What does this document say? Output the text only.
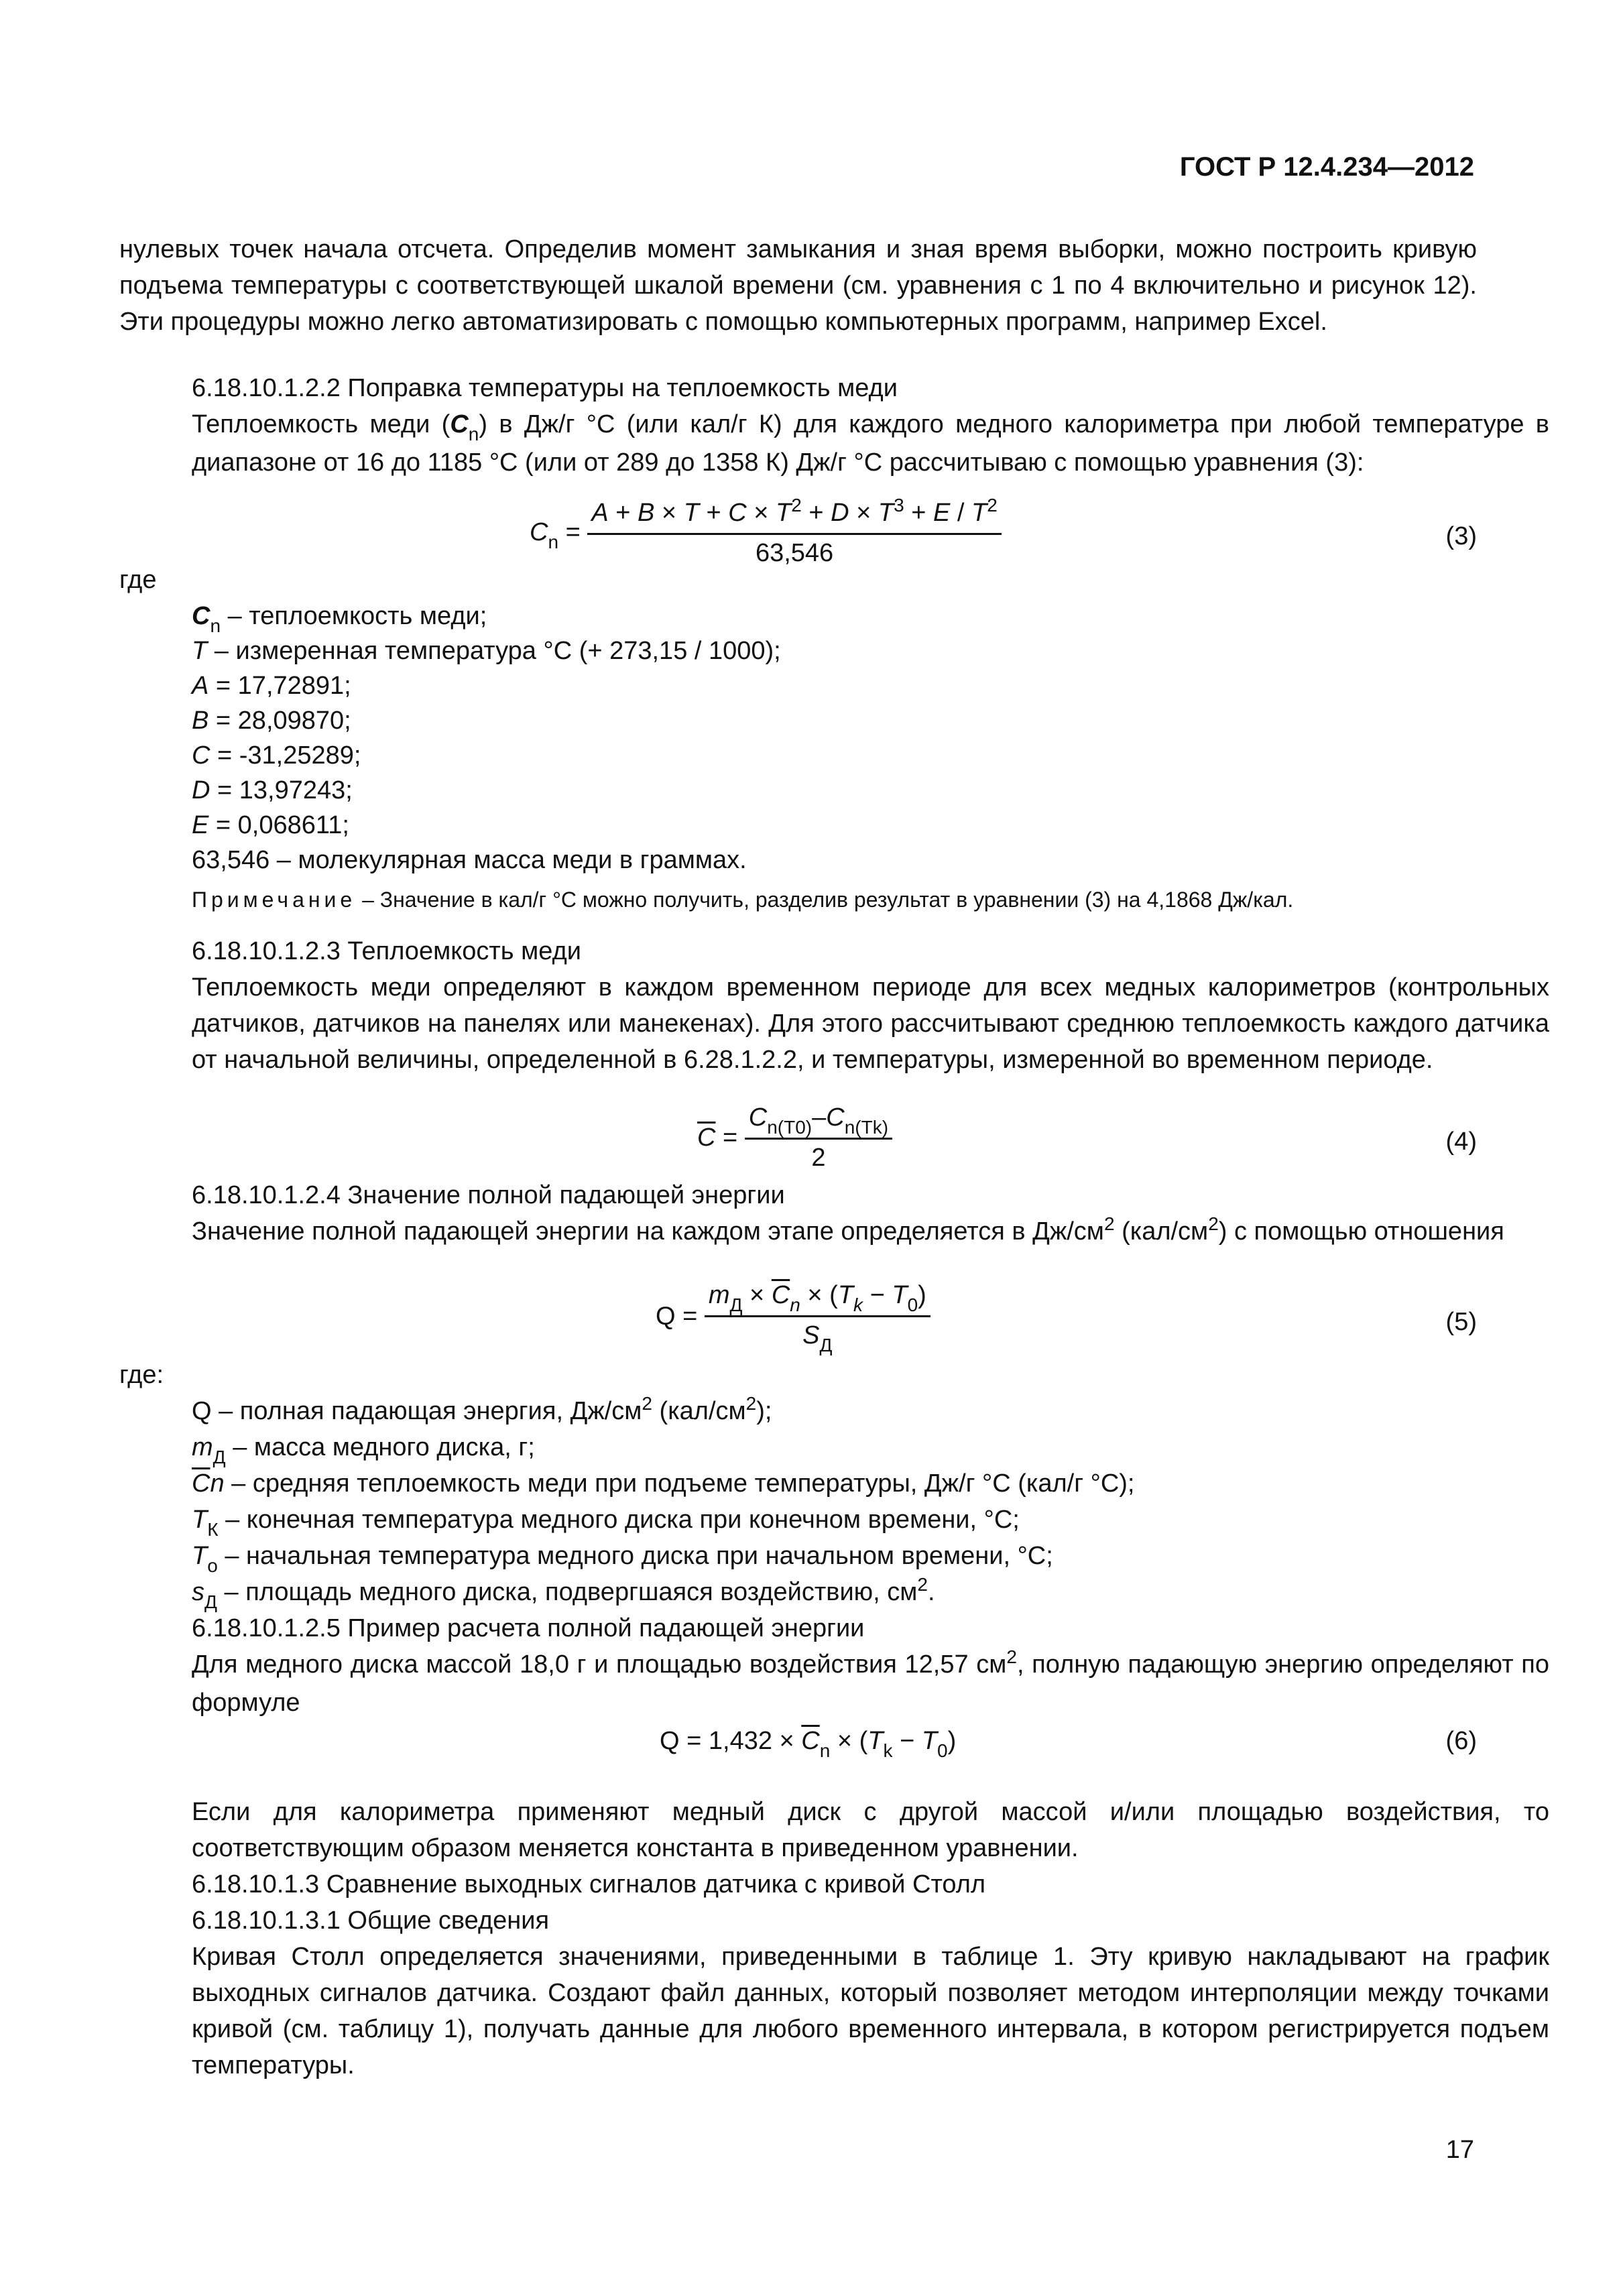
ГОСТ Р 12.4.234—2012
нулевых точек начала отсчета. Определив момент замыкания и зная время выборки, можно построить кривую подъема температуры с соответствующей шкалой времени (см. уравнения с 1 по 4 включительно и рисунок 12). Эти процедуры можно легко автоматизировать с помощью компьютерных программ, например Excel.
6.18.10.1.2.2 Поправка температуры на теплоемкость меди
Теплоемкость меди $(C_n)$ в Дж/г °С (или кал/г К) для каждого медного калориметра при любой температуре в диапазоне от 16 до 1185 °С (или от 289 до 1358 К) Дж/г °С рассчитываю с помощью уравнения (3):
$C_n = \frac{A + B \times T + C \times T^2 + D \times T^3 + E / T^2}{63,546}$	(3)
где
$C_n$ – теплоемкость меди;
T – измеренная температура °С (+ 273,15 / 1000);
A = 17,72891;
B = 28,09870;
C = -31,25289;
D = 13,97243;
E = 0,068611;
63,546 – молекулярная масса меди в граммах.
Примечание – Значение в кал/г °С можно получить, разделив результат в уравнении (3) на 4,1868 Дж/кал.
6.18.10.1.2.3 Теплоемкость меди
Теплоемкость меди определяют в каждом временном периоде для всех медных калориметров (контрольных датчиков, датчиков на панелях или манекенах). Для этого рассчитывают среднюю теплоемкость каждого датчика от начальной величины, определенной в 6.28.1.2.2, и температуры, измеренной во временном периоде.
$\overline{C} = \frac{C_{n(T0)}-C_{n(Tk)}}{2}$	(4)
6.18.10.1.2.4 Значение полной падающей энергии
Значение полной падающей энергии на каждом этапе определяется в $Дж/см^2$ $(кал/см^2)$ с помощью отношения
$Q = \frac{m_Д \times \overline{C}_n \times (T_k - T_0)}{S_Д}$	(5)
где:
Q – полная падающая энергия, $Дж/см^2$ $(кал/см^2)$;
$m_Д$ – масса медного диска, г;
$\overline{C}n$ – средняя теплоемкость меди при подъеме температуры, Дж/г °С (кал/г °С);
$T_К$ – конечная температура медного диска при конечном времени, °С;
$T_о$ – начальная температура медного диска при начальном времени, °С;
$s_Д$ – площадь медного диска, подвергшаяся воздействию, $см^2$.
6.18.10.1.2.5 Пример расчета полной падающей энергии
Для медного диска массой 18,0 г и площадью воздействия 12,57 $см^2$, полную падающую энергию определяют по формуле
$Q = 1,432 \times \overline{C}_n \times (T_k - T_0)$	(6)
Если для калориметра применяют медный диск с другой массой и/или площадью воздействия, то соответствующим образом меняется константа в приведенном уравнении.
6.18.10.1.3 Сравнение выходных сигналов датчика с кривой Столл
6.18.10.1.3.1 Общие сведения
Кривая Столл определяется значениями, приведенными в таблице 1. Эту кривую накладывают на график выходных сигналов датчика. Создают файл данных, который позволяет методом интерполяции между точками кривой (см. таблицу 1), получать данные для любого временного интервала, в котором регистрируется подъем температуры.
17
